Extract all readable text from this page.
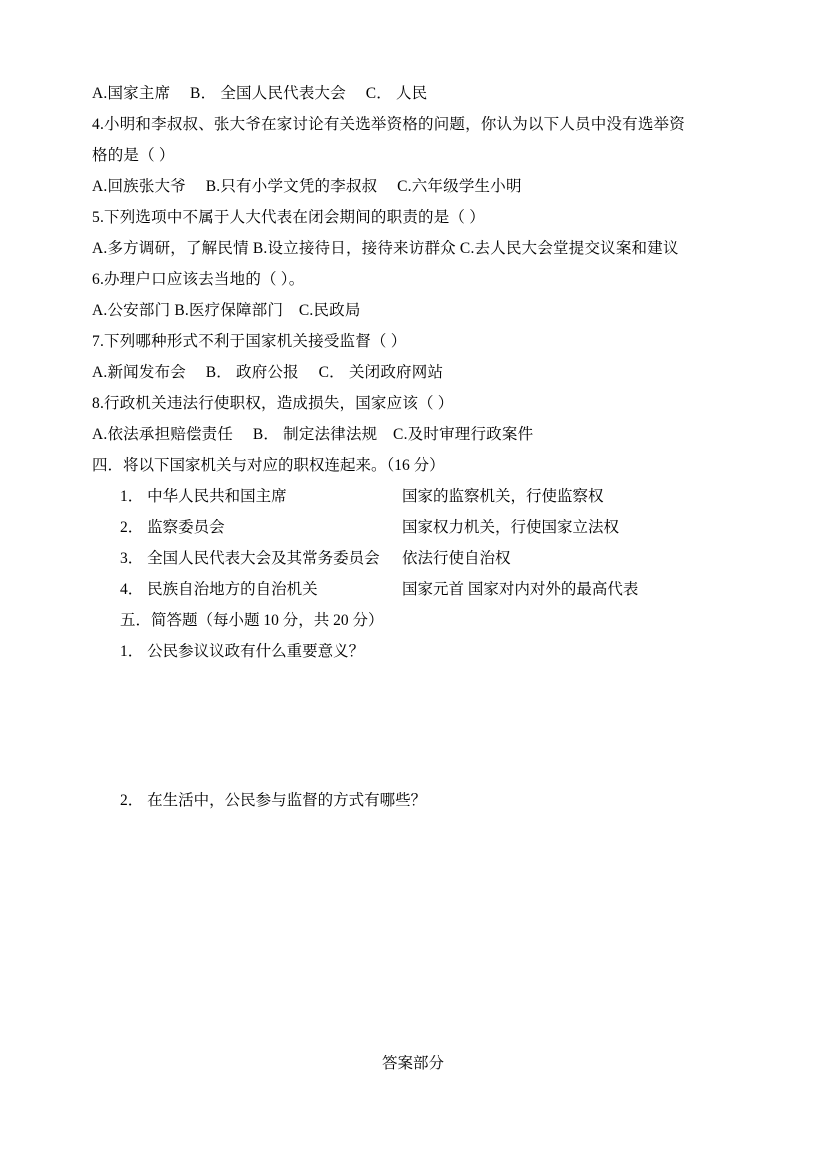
A.国家主席　 B． 全国人民代表大会　 C． 人民
4.小明和李叔叔、张大爷在家讨论有关选举资格的问题，你认为以下人员中没有选举资
格的是（ ）
A.回族张大爷　 B.只有小学文凭的李叔叔　 C.六年级学生小明
5.下列选项中不属于人大代表在闭会期间的职责的是（ ）
A.多方调研，了解民情 B.设立接待日，接待来访群众 C.去人民大会堂提交议案和建议
6.办理户口应该去当地的（ ）。
A.公安部门 B.医疗保障部门　C.民政局
7.下列哪种形式不利于国家机关接受监督（ ）
A.新闻发布会　 B． 政府公报　 C． 关闭政府网站
8.行政机关违法行使职权，造成损失，国家应该（ ）
A.依法承担赔偿责任　 B． 制定法律法规　C.及时审理行政案件
四．将以下国家机关与对应的职权连起来。（16 分）
1． 中华人民共和国主席	国家的监察机关，行使监察权
2． 监察委员会	国家权力机关，行使国家立法权
3． 全国人民代表大会及其常务委员会	依法行使自治权
4． 民族自治地方的自治机关	国家元首 国家对内对外的最高代表
五．简答题（每小题 10 分，共 20 分）
1． 公民参议议政有什么重要意义？
2． 在生活中，公民参与监督的方式有哪些？
答案部分
